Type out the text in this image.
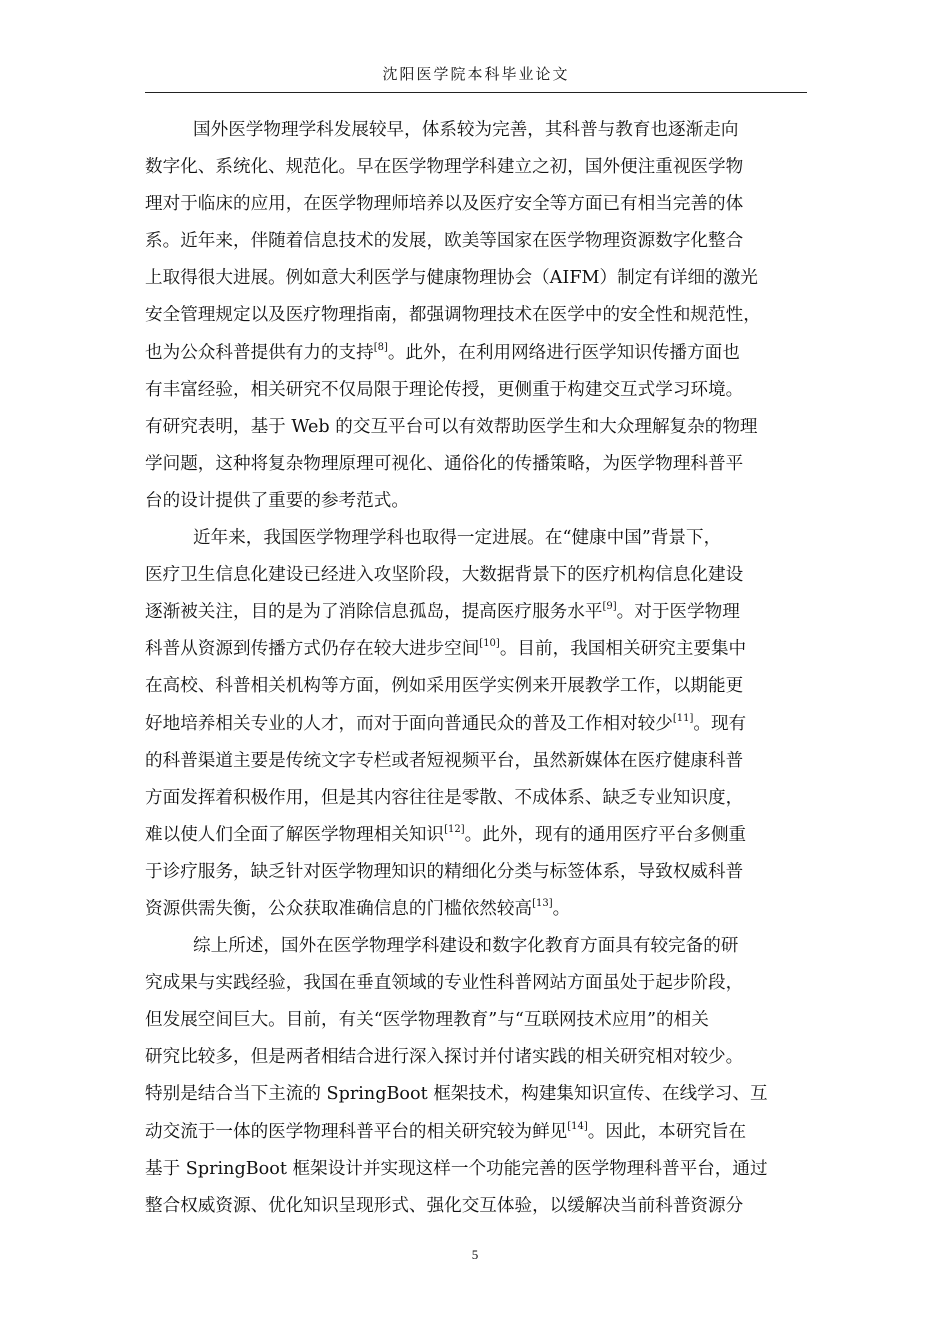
沈阳医学院本科毕业论文
国外医学物理学科发展较早，体系较为完善，其科普与教育也逐渐走向
数字化、系统化、规范化。早在医学物理学科建立之初，国外便注重视医学物
理对于临床的应用，在医学物理师培养以及医疗安全等方面已有相当完善的体
系。近年来，伴随着信息技术的发展，欧美等国家在医学物理资源数字化整合
上取得很大进展。例如意大利医学与健康物理协会（AIFM）制定有详细的激光
安全管理规定以及医疗物理指南，都强调物理技术在医学中的安全性和规范性，
也为公众科普提供有力的支持[8]。此外，在利用网络进行医学知识传播方面也
有丰富经验，相关研究不仅局限于理论传授，更侧重于构建交互式学习环境。
有研究表明，基于 Web 的交互平台可以有效帮助医学生和大众理解复杂的物理
学问题，这种将复杂物理原理可视化、通俗化的传播策略，为医学物理科普平
台的设计提供了重要的参考范式。
近年来，我国医学物理学科也取得一定进展。在“健康中国”背景下，
医疗卫生信息化建设已经进入攻坚阶段，大数据背景下的医疗机构信息化建设
逐渐被关注，目的是为了消除信息孤岛，提高医疗服务水平[9]。对于医学物理
科普从资源到传播方式仍存在较大进步空间[10]。目前，我国相关研究主要集中
在高校、科普相关机构等方面，例如采用医学实例来开展教学工作，以期能更
好地培养相关专业的人才，而对于面向普通民众的普及工作相对较少[11]。现有
的科普渠道主要是传统文字专栏或者短视频平台，虽然新媒体在医疗健康科普
方面发挥着积极作用，但是其内容往往是零散、不成体系、缺乏专业知识度，
难以使人们全面了解医学物理相关知识[12]。此外，现有的通用医疗平台多侧重
于诊疗服务，缺乏针对医学物理知识的精细化分类与标签体系，导致权威科普
资源供需失衡，公众获取准确信息的门槛依然较高[13]。
综上所述，国外在医学物理学科建设和数字化教育方面具有较完备的研
究成果与实践经验，我国在垂直领域的专业性科普网站方面虽处于起步阶段，
但发展空间巨大。目前，有关“医学物理教育”与“互联网技术应用”的相关
研究比较多，但是两者相结合进行深入探讨并付诸实践的相关研究相对较少。
特别是结合当下主流的 SpringBoot 框架技术，构建集知识宣传、在线学习、互
动交流于一体的医学物理科普平台的相关研究较为鲜见[14]。因此，本研究旨在
基于 SpringBoot 框架设计并实现这样一个功能完善的医学物理科普平台，通过
整合权威资源、优化知识呈现形式、强化交互体验，以缓解决当前科普资源分
5
